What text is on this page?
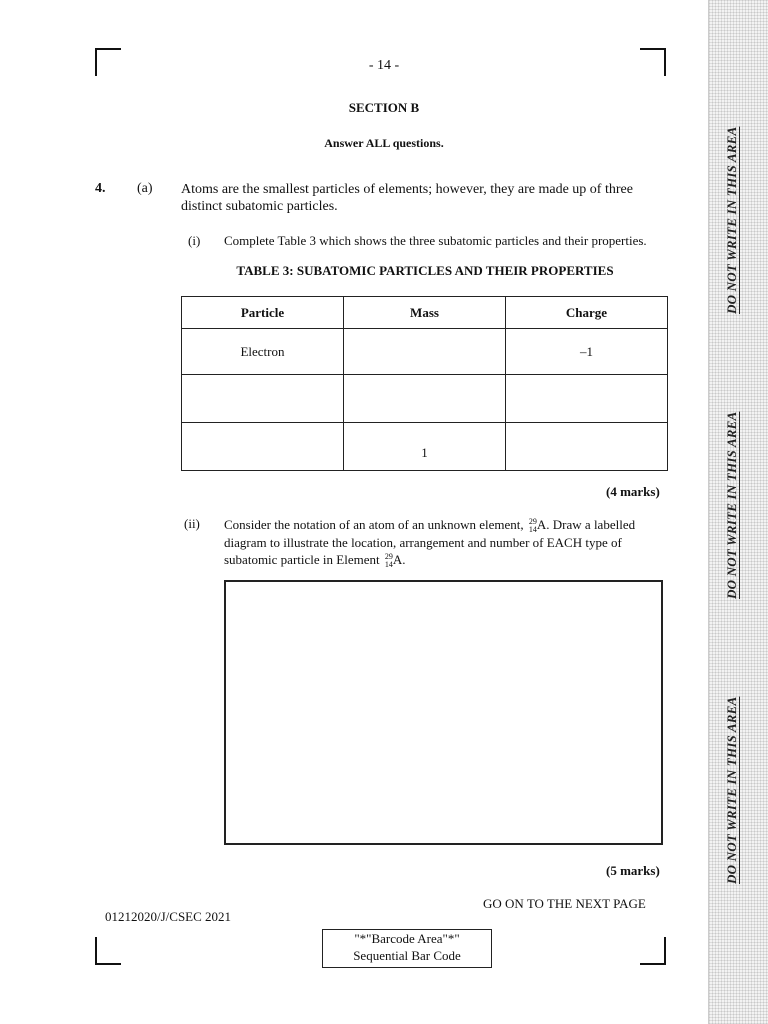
- 14 -
SECTION B
Answer ALL questions.
4. (a) Atoms are the smallest particles of elements; however, they are made up of three distinct subatomic particles.
(i) Complete Table 3 which shows the three subatomic particles and their properties.
TABLE 3: SUBATOMIC PARTICLES AND THEIR PROPERTIES
Particle	Mass	Charge
Electron		–1

	1	
(4 marks)
(ii) Consider the notation of an atom of an unknown element, 29
14A. Draw a labelled diagram to illustrate the location, arrangement and number of EACH type of subatomic particle in Element 29
14A.
(5 marks)
GO ON TO THE NEXT PAGE
01212020/J/CSEC 2021
"*"Barcode Area"*"
Sequential Bar Code
DO NOT WRITE IN THIS AREA
DO NOT WRITE IN THIS AREA
DO NOT WRITE IN THIS AREA
